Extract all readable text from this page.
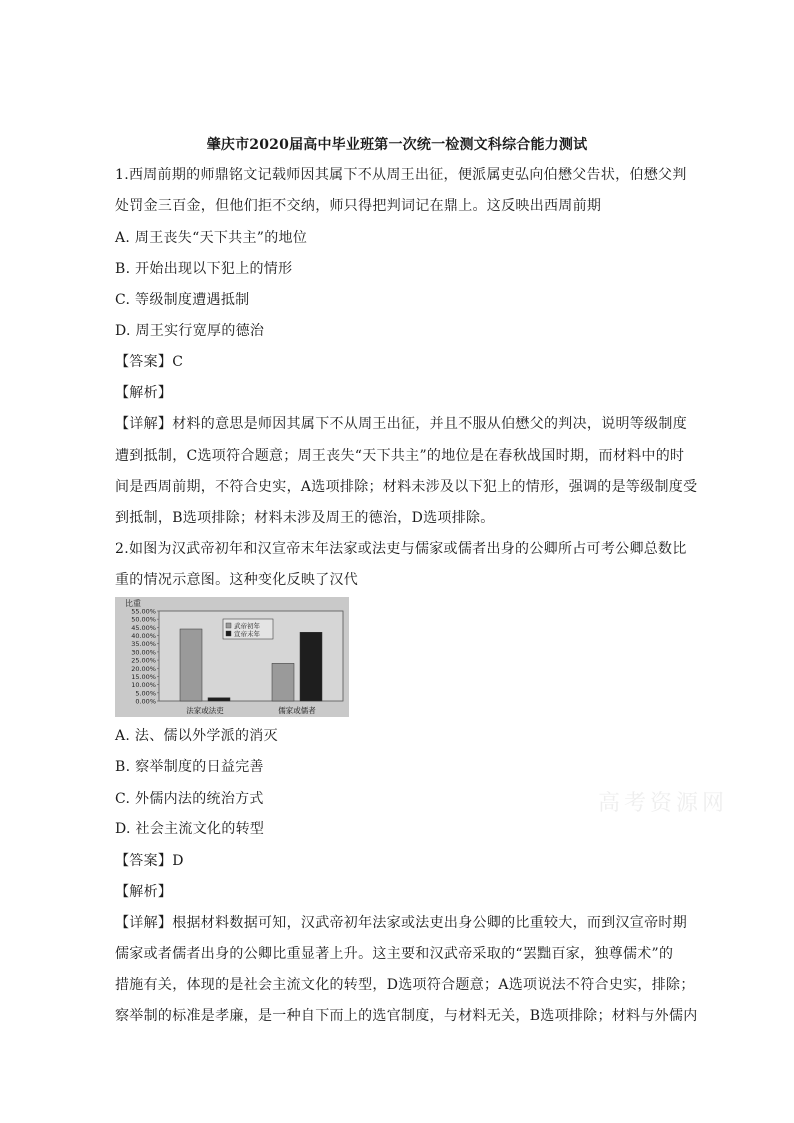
肇庆市2020届高中毕业班第一次统一检测文科综合能力测试
1.西周前期的师鼎铭文记载师因其属下不从周王出征，便派属吏弘向伯懋父告状，伯懋父判
处罚金三百金，但他们拒不交纳，师只得把判词记在鼎上。这反映出西周前期
A. 周王丧失“天下共主”的地位
B. 开始出现以下犯上的情形
C. 等级制度遭遇抵制
D. 周王实行宽厚的德治
【答案】C
【解析】
【详解】材料的意思是师因其属下不从周王出征，并且不服从伯懋父的判决，说明等级制度
遭到抵制，C选项符合题意；周王丧失“天下共主”的地位是在春秋战国时期，而材料中的时
间是西周前期，不符合史实，A选项排除；材料未涉及以下犯上的情形，强调的是等级制度受
到抵制，B选项排除；材料未涉及周王的德治，D选项排除。
2.如图为汉武帝初年和汉宣帝末年法家或法吏与儒家或儒者出身的公卿所占可考公卿总数比
重的情况示意图。这种变化反映了汉代
比重
0.00%
5.00%
10.00%
15.00%
20.00%
25.00%
30.00%
35.00%
40.00%
45.00%
50.00%
55.00%
法家或法吏	儒家或儒者
武帝初年
宣帝末年
A. 法、儒以外学派的消灭
B. 察举制度的日益完善
C. 外儒内法的统治方式
D. 社会主流文化的转型
【答案】D
【解析】
【详解】根据材料数据可知，汉武帝初年法家或法吏出身公卿的比重较大，而到汉宣帝时期
儒家或者儒者出身的公卿比重显著上升。这主要和汉武帝采取的“罢黜百家，独尊儒术”的
措施有关，体现的是社会主流文化的转型，D选项符合题意；A选项说法不符合史实，排除；
察举制的标准是孝廉，是一种自下而上的选官制度，与材料无关，B选项排除；材料与外儒内
高考资源网
